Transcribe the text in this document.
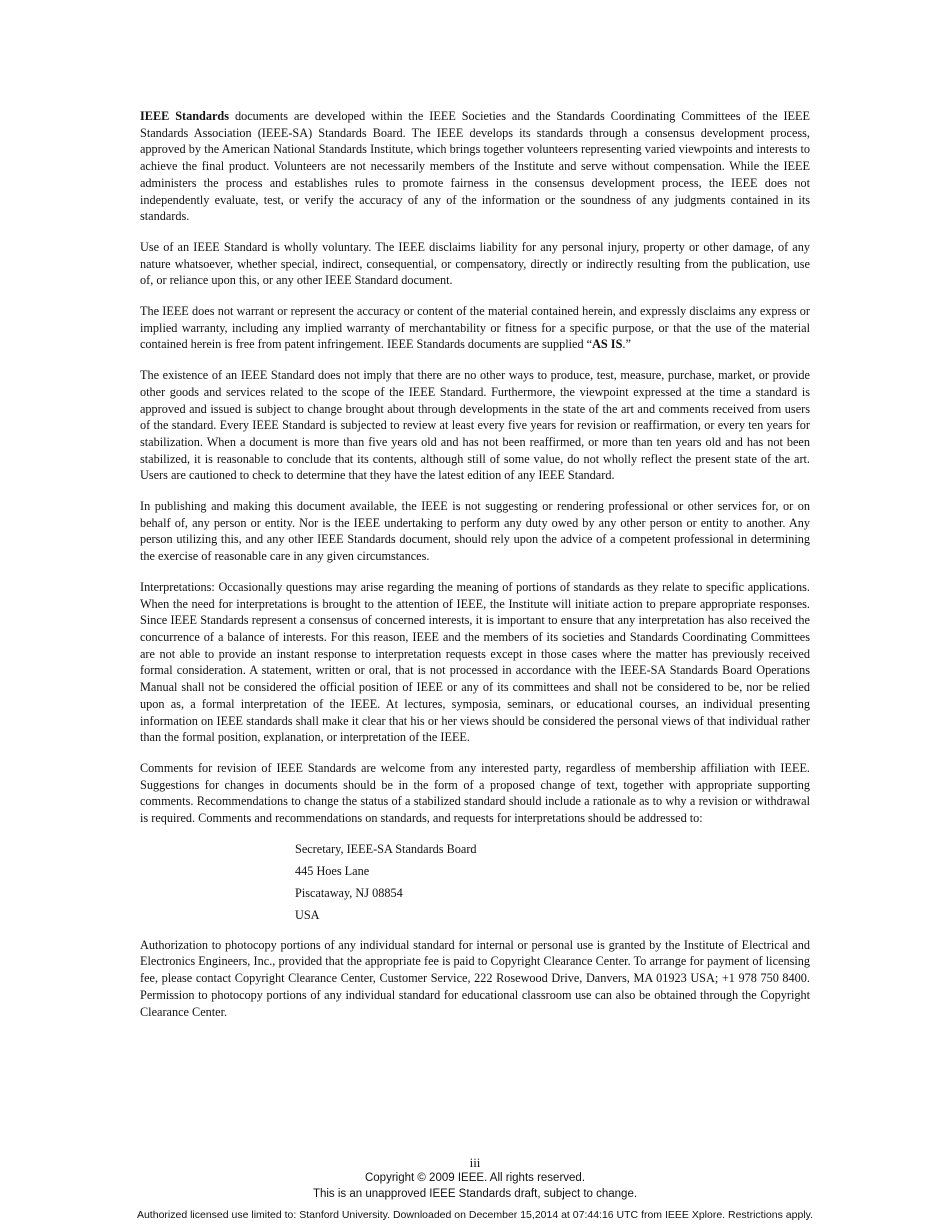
IEEE Standards documents are developed within the IEEE Societies and the Standards Coordinating Committees of the IEEE Standards Association (IEEE-SA) Standards Board. The IEEE develops its standards through a consensus development process, approved by the American National Standards Institute, which brings together volunteers representing varied viewpoints and interests to achieve the final product. Volunteers are not necessarily members of the Institute and serve without compensation. While the IEEE administers the process and establishes rules to promote fairness in the consensus development process, the IEEE does not independently evaluate, test, or verify the accuracy of any of the information or the soundness of any judgments contained in its standards.

Use of an IEEE Standard is wholly voluntary. The IEEE disclaims liability for any personal injury, property or other damage, of any nature whatsoever, whether special, indirect, consequential, or compensatory, directly or indirectly resulting from the publication, use of, or reliance upon this, or any other IEEE Standard document.

The IEEE does not warrant or represent the accuracy or content of the material contained herein, and expressly disclaims any express or implied warranty, including any implied warranty of merchantability or fitness for a specific purpose, or that the use of the material contained herein is free from patent infringement. IEEE Standards documents are supplied “AS IS.”

The existence of an IEEE Standard does not imply that there are no other ways to produce, test, measure, purchase, market, or provide other goods and services related to the scope of the IEEE Standard. Furthermore, the viewpoint expressed at the time a standard is approved and issued is subject to change brought about through developments in the state of the art and comments received from users of the standard. Every IEEE Standard is subjected to review at least every five years for revision or reaffirmation, or every ten years for stabilization. When a document is more than five years old and has not been reaffirmed, or more than ten years old and has not been stabilized, it is reasonable to conclude that its contents, although still of some value, do not wholly reflect the present state of the art. Users are cautioned to check to determine that they have the latest edition of any IEEE Standard.

In publishing and making this document available, the IEEE is not suggesting or rendering professional or other services for, or on behalf of, any person or entity. Nor is the IEEE undertaking to perform any duty owed by any other person or entity to another. Any person utilizing this, and any other IEEE Standards document, should rely upon the advice of a competent professional in determining the exercise of reasonable care in any given circumstances.

Interpretations: Occasionally questions may arise regarding the meaning of portions of standards as they relate to specific applications. When the need for interpretations is brought to the attention of IEEE, the Institute will initiate action to prepare appropriate responses. Since IEEE Standards represent a consensus of concerned interests, it is important to ensure that any interpretation has also received the concurrence of a balance of interests. For this reason, IEEE and the members of its societies and Standards Coordinating Committees are not able to provide an instant response to interpretation requests except in those cases where the matter has previously received formal consideration. A statement, written or oral, that is not processed in accordance with the IEEE-SA Standards Board Operations Manual shall not be considered the official position of IEEE or any of its committees and shall not be considered to be, nor be relied upon as, a formal interpretation of the IEEE. At lectures, symposia, seminars, or educational courses, an individual presenting information on IEEE standards shall make it clear that his or her views should be considered the personal views of that individual rather than the formal position, explanation, or interpretation of the IEEE.

Comments for revision of IEEE Standards are welcome from any interested party, regardless of membership affiliation with IEEE. Suggestions for changes in documents should be in the form of a proposed change of text, together with appropriate supporting comments. Recommendations to change the status of a stabilized standard should include a rationale as to why a revision or withdrawal is required. Comments and recommendations on standards, and requests for interpretations should be addressed to:

Secretary, IEEE-SA Standards Board
445 Hoes Lane
Piscataway, NJ 08854
USA

Authorization to photocopy portions of any individual standard for internal or personal use is granted by the Institute of Electrical and Electronics Engineers, Inc., provided that the appropriate fee is paid to Copyright Clearance Center. To arrange for payment of licensing fee, please contact Copyright Clearance Center, Customer Service, 222 Rosewood Drive, Danvers, MA 01923 USA; +1 978 750 8400. Permission to photocopy portions of any individual standard for educational classroom use can also be obtained through the Copyright Clearance Center.

iii
Copyright © 2009 IEEE. All rights reserved.
This is an unapproved IEEE Standards draft, subject to change.
Authorized licensed use limited to: Stanford University. Downloaded on December 15,2014 at 07:44:16 UTC from IEEE Xplore. Restrictions apply.
